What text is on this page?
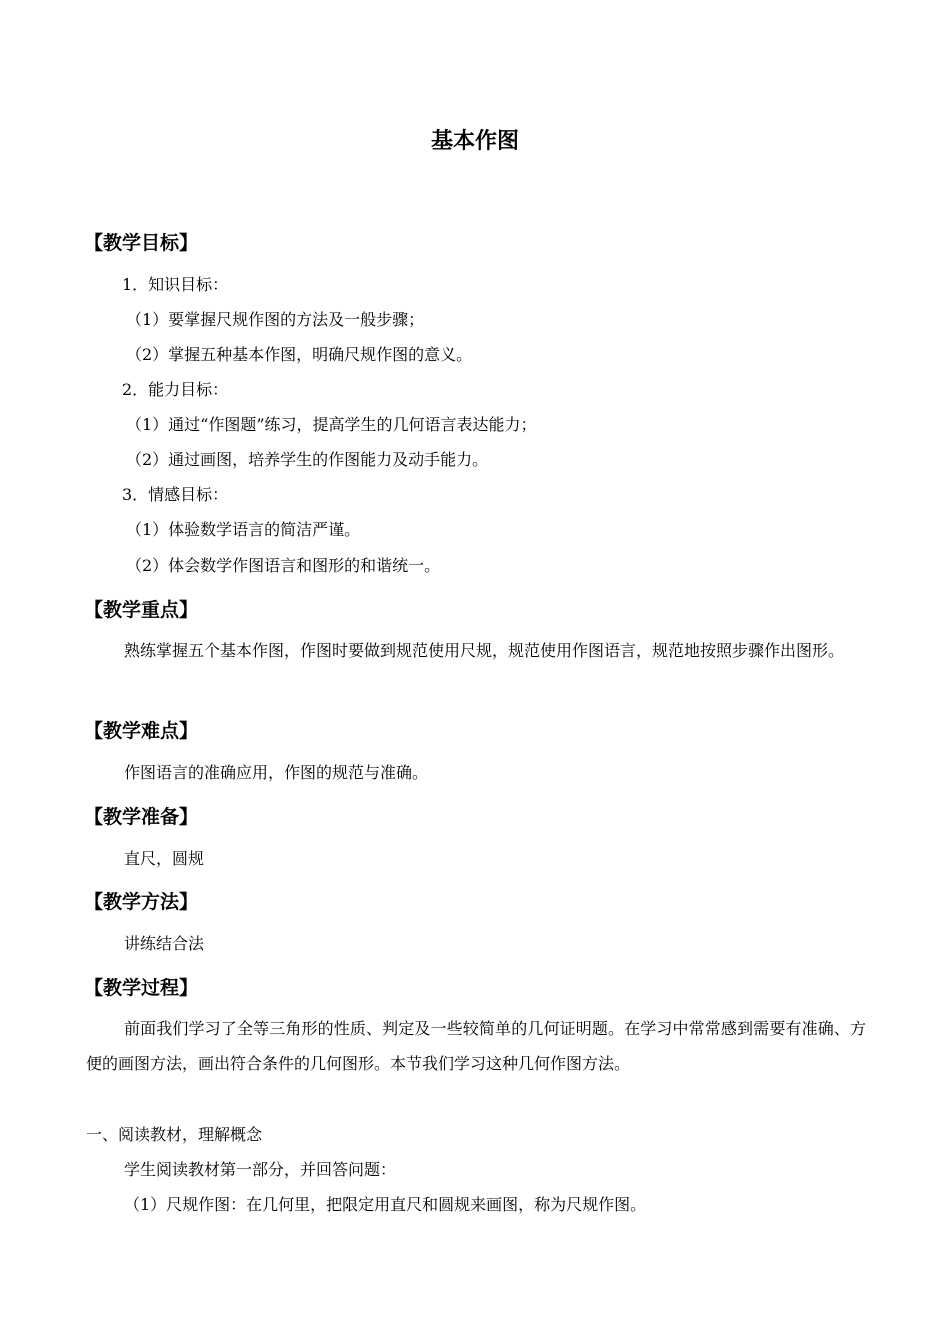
基本作图
【教学目标】
1．知识目标：
（1）要掌握尺规作图的方法及一般步骤；
（2）掌握五种基本作图，明确尺规作图的意义。
2．能力目标：
（1）通过“作图题”练习，提高学生的几何语言表达能力；
（2）通过画图，培养学生的作图能力及动手能力。
3．情感目标：
（1）体验数学语言的简洁严谨。
（2）体会数学作图语言和图形的和谐统一。
【教学重点】
熟练掌握五个基本作图，作图时要做到规范使用尺规，规范使用作图语言，规范地按照步骤作出图形。
【教学难点】
作图语言的准确应用，作图的规范与准确。
【教学准备】
直尺，圆规
【教学方法】
讲练结合法
【教学过程】
前面我们学习了全等三角形的性质、判定及一些较简单的几何证明题。在学习中常常感到需要有准确、方便的画图方法，画出符合条件的几何图形。本节我们学习这种几何作图方法。
一、阅读教材，理解概念
学生阅读教材第一部分，并回答问题：
（1）尺规作图：在几何里，把限定用直尺和圆规来画图，称为尺规作图。
